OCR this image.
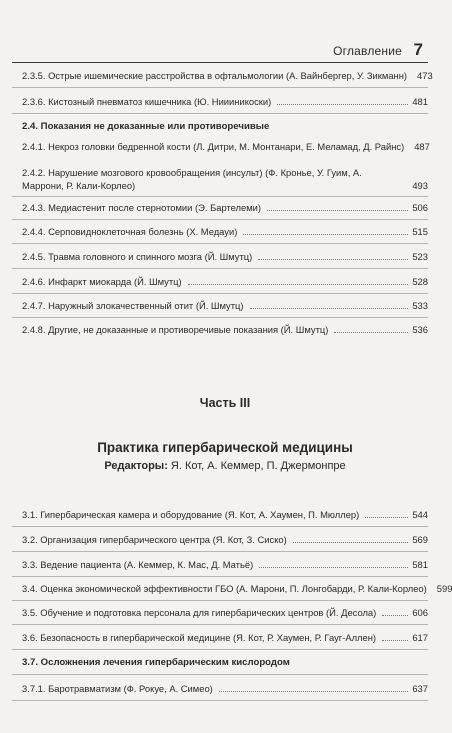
Оглавление 7
2.3.5. Острые ишемические расстройства в офтальмологии (А. Вайнбергер, У. Зикманн) 473
2.3.6. Кистозный пневматоз кишечника (Ю. Ниииникоски)	481
2.4. Показания не доказанные или противоречивые
2.4.1. Некроз головки бедренной кости (Л. Дитри, М. Монтанари, Е. Меламад, Д. Райнс) 487
2.4.2. Нарушение мозгового кровообращения (инсульт) (Ф. Кроньe, У. Гуим, А. Маррони, Р. Кали-Корлео)	493
2.4.3. Медиастенит после стернотомии (Э. Бартелеми)	506
2.4.4. Серповидноклеточная болезнь (Х. Медауи)	515
2.4.5. Травма головного и спинного мозга (Й. Шмутц)	523
2.4.6. Инфаркт миокарда (Й. Шмутц)	528
2.4.7. Наружный злокачественный отит (Й. Шмутц)	533
2.4.8. Другие, не доказанные и противоречивые показания (Й. Шмутц)	536
Часть III
Практика гипербарической медицины
Редакторы: Я. Кот, А. Кеммер, П. Джермонпре
3.1. Гипербарическая камера и оборудование (Я. Кот, А. Хаумен, П. Мюллер)	544
3.2. Организация гипербарического центра (Я. Кот, З. Сиско)	569
3.3. Ведение пациента (А. Кеммер, К. Мас, Д. Матьё)	581
3.4. Оценка экономической эффективности ГБО (А. Марони, П. Лонгобарди, Р. Кали-Корлео) 599
3.5. Обучение и подготовка персонала для гипербарических центров (Й. Десола)	606
3.6. Безопасность в гипербарической медицине (Я. Кот, Р. Хаумен, Р. Гауг-Аллен)	617
3.7. Осложнения лечения гипербарическим кислородом
3.7.1. Баротравматизм (Ф. Рокуе, А. Симео)	637
